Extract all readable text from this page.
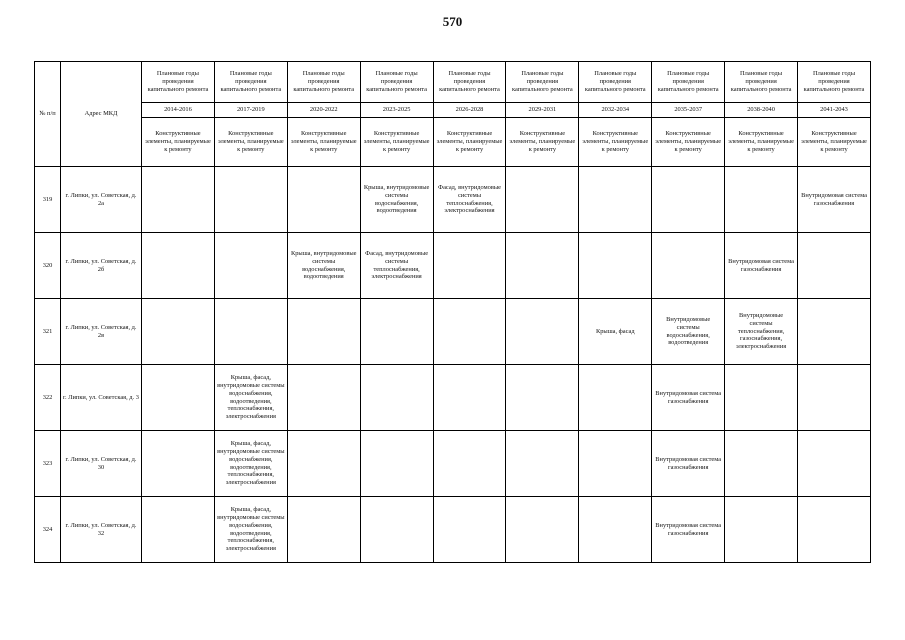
570
№ п/п	Адрес МКД	Плановые годы проведения капитального ремонта	Плановые годы проведения капитального ремонта	Плановые годы проведения капитального ремонта	Плановые годы проведения капитального ремонта	Плановые годы проведения капитального ремонта	Плановые годы проведения капитального ремонта	Плановые годы проведения капитального ремонта	Плановые годы проведения капитального ремонта	Плановые годы проведения капитального ремонта	Плановые годы проведения капитального ремонта
		2014-2016	2017-2019	2020-2022	2023-2025	2026-2028	2029-2031	2032-2034	2035-2037	2038-2040	2041-2043
		Конструктивные элементы, планируемые к ремонту	Конструктивные элементы, планируемые к ремонту	Конструктивные элементы, планируемые к ремонту	Конструктивные элементы, планируемые к ремонту	Конструктивные элементы, планируемые к ремонту	Конструктивные элементы, планируемые к ремонту	Конструктивные элементы, планируемые к ремонту	Конструктивные элементы, планируемые к ремонту	Конструктивные элементы, планируемые к ремонту	Конструктивные элементы, планируемые к ремонту
319	г. Липки, ул. Советская, д. 2а				Крыша, внутридомовые системы водоснабжения, водоотведения	Фасад, внутридомовые системы теплоснабжения, электроснабжения					Внутридомовая система газоснабжения
320	г. Липки, ул. Советская, д. 2б			Крыша, внутридомовые системы водоснабжения, водоотведения	Фасад, внутридомовые системы теплоснабжения, электроснабжения					Внутридомовая система газоснабжения	
321	г. Липки, ул. Советская, д. 2в							Крыша, фасад	Внутридомовые системы водоснабжения, водоотведения	Внутридомовые системы теплоснабжения, газоснабжения, электроснабжения	
322	г. Липки, ул. Советская, д. 3		Крыша, фасад, внутридомовые системы водоснабжения, водоотведения, теплоснабжения, электроснабжения						Внутридомовая система газоснабжения		
323	г. Липки, ул. Советская, д. 30		Крыша, фасад, внутридомовые системы водоснабжения, водоотведения, теплоснабжения, электроснабжения						Внутридомовая система газоснабжения		
324	г. Липки, ул. Советская, д. 32		Крыша, фасад, внутридомовые системы водоснабжения, водоотведения, теплоснабжения, электроснабжения						Внутридомовая система газоснабжения		
